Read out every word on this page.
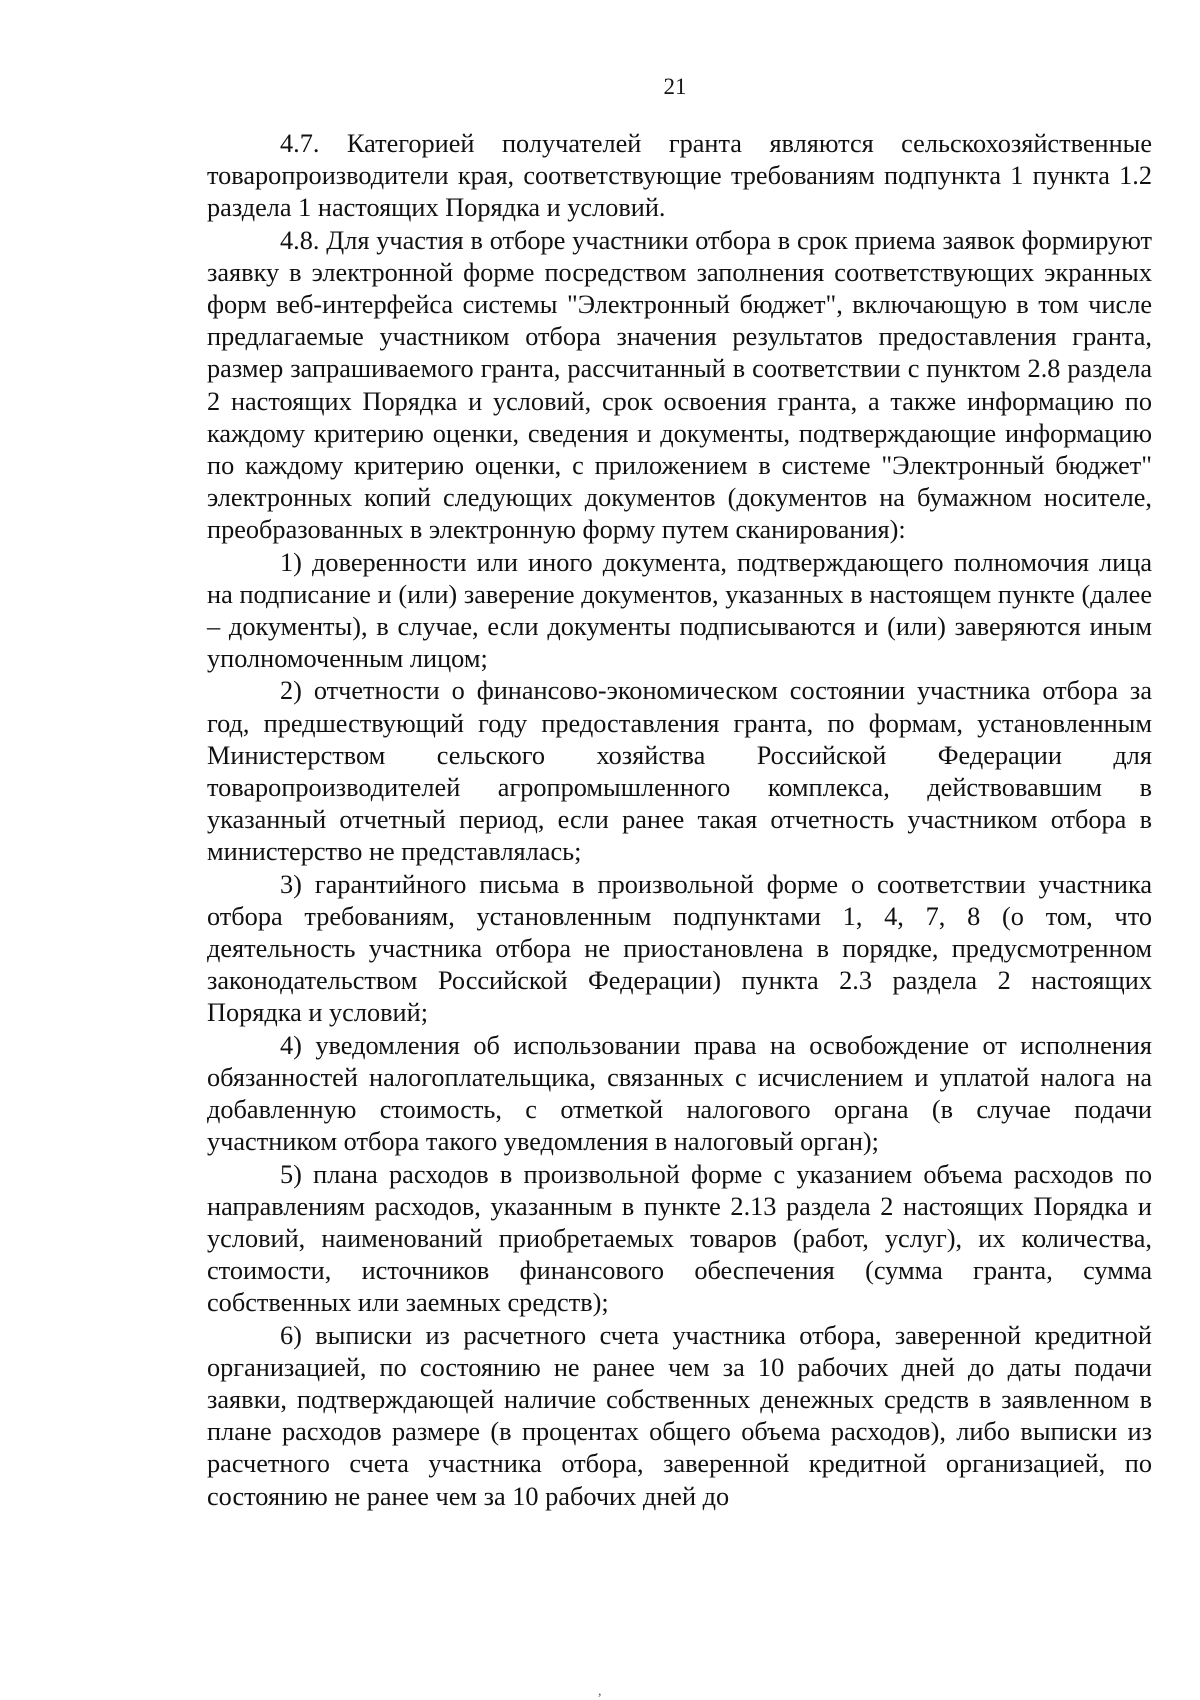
21

4.7. Категорией получателей гранта являются сельскохозяйственные товаропроизводители края, соответствующие требованиям подпункта 1 пункта 1.2 раздела 1 настоящих Порядка и условий.

4.8. Для участия в отборе участники отбора в срок приема заявок формируют заявку в электронной форме посредством заполнения соответствующих экранных форм веб-интерфейса системы "Электронный бюджет", включающую в том числе предлагаемые участником отбора значения результатов предоставления гранта, размер запрашиваемого гранта, рассчитанный в соответствии с пунктом 2.8 раздела 2 настоящих Порядка и условий, срок освоения гранта, а также информацию по каждому критерию оценки, сведения и документы, подтверждающие информацию по каждому критерию оценки, с приложением в системе "Электронный бюджет" электронных копий следующих документов (документов на бумажном носителе, преобразованных в электронную форму путем сканирования):

1) доверенности или иного документа, подтверждающего полномочия лица на подписание и (или) заверение документов, указанных в настоящем пункте (далее – документы), в случае, если документы подписываются и (или) заверяются иным уполномоченным лицом;

2) отчетности о финансово-экономическом состоянии участника отбора за год, предшествующий году предоставления гранта, по формам, установленным Министерством сельского хозяйства Российской Федерации для товаропроизводителей агропромышленного комплекса, действовавшим в указанный отчетный период, если ранее такая отчетность участником отбора в министерство не представлялась;

3) гарантийного письма в произвольной форме о соответствии участника отбора требованиям, установленным подпунктами 1, 4, 7, 8 (о том, что деятельность участника отбора не приостановлена в порядке, предусмотренном законодательством Российской Федерации) пункта 2.3 раздела 2 настоящих Порядка и условий;

4) уведомления об использовании права на освобождение от исполнения обязанностей налогоплательщика, связанных с исчислением и уплатой налога на добавленную стоимость, с отметкой налогового органа (в случае подачи участником отбора такого уведомления в налоговый орган);

5) плана расходов в произвольной форме с указанием объема расходов по направлениям расходов, указанным в пункте 2.13 раздела 2 настоящих Порядка и условий, наименований приобретаемых товаров (работ, услуг), их количества, стоимости, источников финансового обеспечения (сумма гранта, сумма собственных или заемных средств);

6) выписки из расчетного счета участника отбора, заверенной кредитной организацией, по состоянию не ранее чем за 10 рабочих дней до даты подачи заявки, подтверждающей наличие собственных денежных средств в заявленном в плане расходов размере (в процентах общего объема расходов), либо выписки из расчетного счета участника отбора, заверенной кредитной организацией, по состоянию не ранее чем за 10 рабочих дней до

,
